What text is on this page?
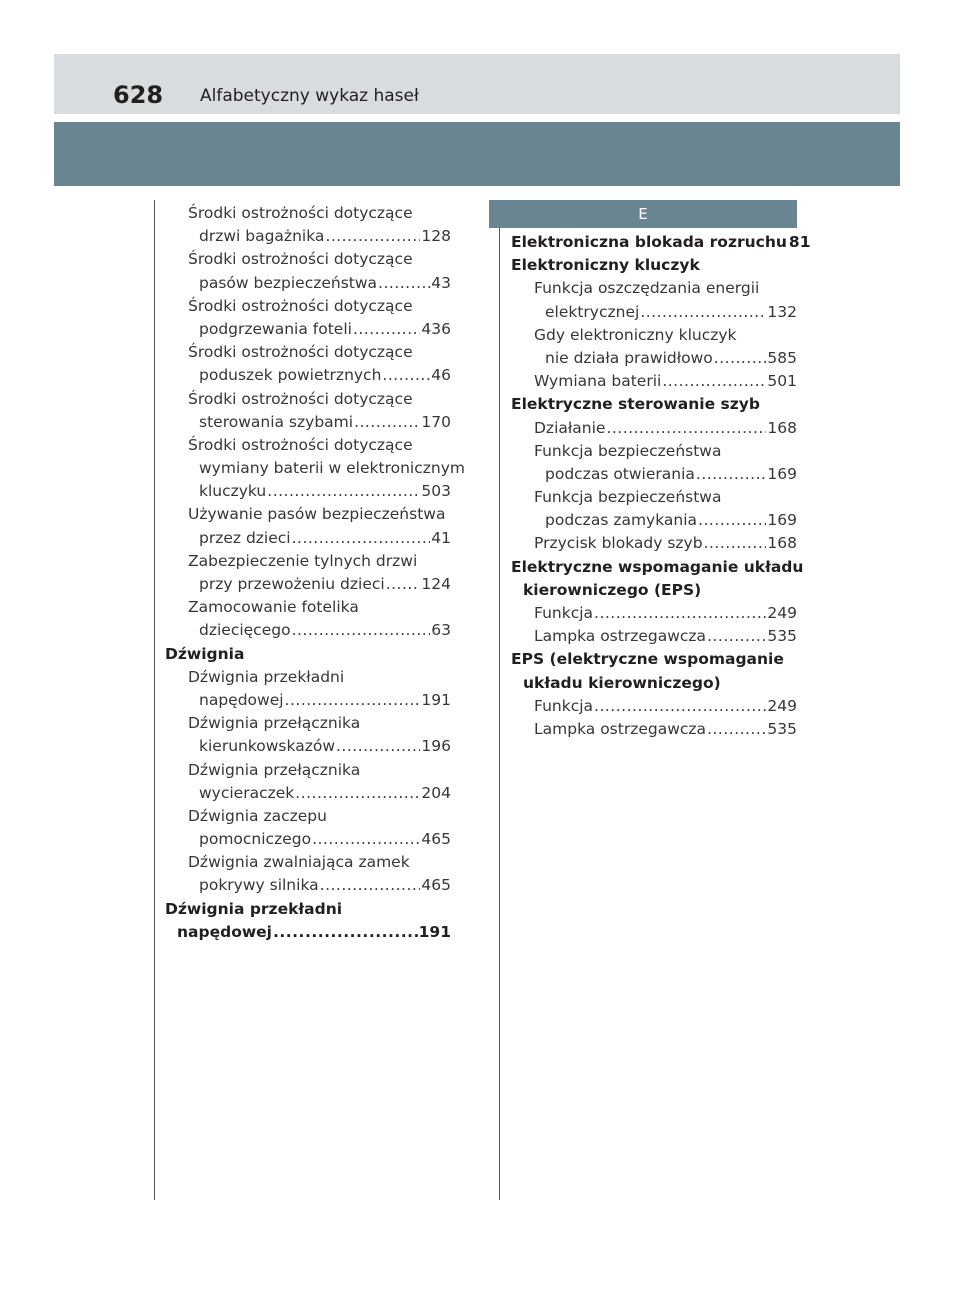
628 Alfabetyczny wykaz haseł
E
Środki ostrożności dotyczące
drzwi bagażnika .....	128
Środki ostrożności dotyczące
pasów bezpieczeństwa .....	43
Środki ostrożności dotyczące
podgrzewania foteli .....	436
Środki ostrożności dotyczące
poduszek powietrznych .....	46
Środki ostrożności dotyczące
sterowania szybami .....	170
Środki ostrożności dotyczące
wymiany baterii w elektronicznym
kluczyku .....	503
Używanie pasów bezpieczeństwa
przez dzieci .....	41
Zabezpieczenie tylnych drzwi
przy przewożeniu dzieci ..... 124
Zamocowanie fotelika
dziecięcego .....	63
Dźwignia
Dźwignia przekładni
napędowej .....	191
Dźwignia przełącznika
kierunkowskazów .....	196
Dźwignia przełącznika
wycieraczek .....	204
Dźwignia zaczepu
pomocniczego .....	465
Dźwignia zwalniająca zamek
pokrywy silnika .....	465
Dźwignia przekładni
napędowej .....	191
Elektroniczna blokada rozruchu 81
Elektroniczny kluczyk
Funkcja oszczędzania energii
elektrycznej .....	132
Gdy elektroniczny kluczyk
nie działa prawidłowo .....	585
Wymiana baterii .....	501
Elektryczne sterowanie szyb
Działanie .....	168
Funkcja bezpieczeństwa
podczas otwierania .....	169
Funkcja bezpieczeństwa
podczas zamykania .....	169
Przycisk blokady szyb .....	168
Elektryczne wspomaganie układu
kierowniczego (EPS)
Funkcja .....	249
Lampka ostrzegawcza .....	535
EPS (elektryczne wspomaganie
układu kierowniczego)
Funkcja .....	249
Lampka ostrzegawcza .....	535
